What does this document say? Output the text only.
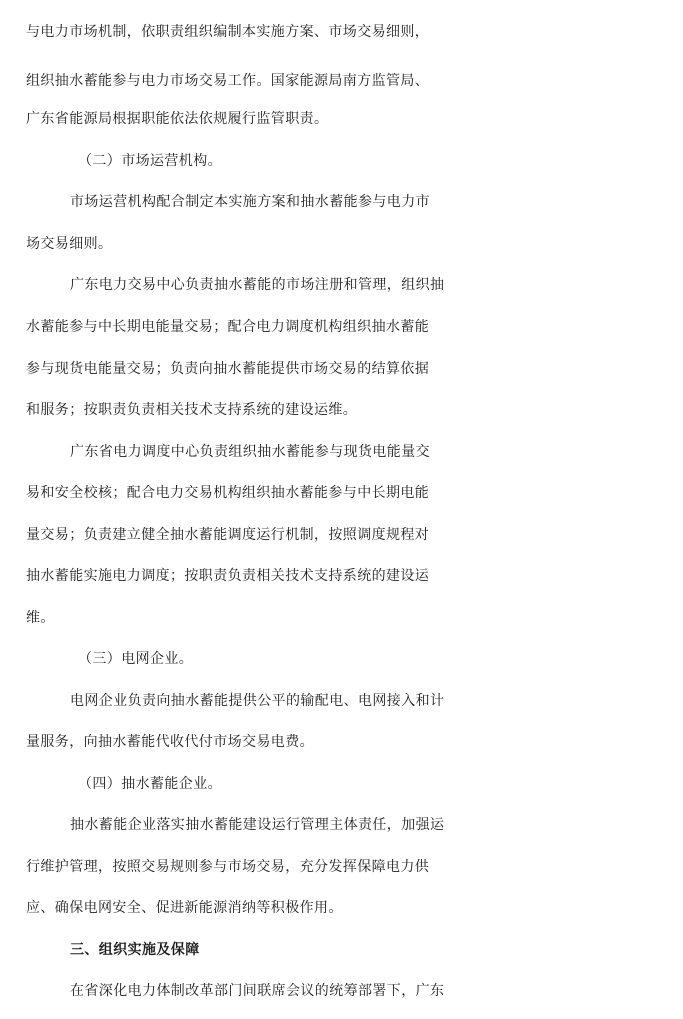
与电力市场机制，依职责组织编制本实施方案、市场交易细则，
组织抽水蓄能参与电力市场交易工作。国家能源局南方监管局、
广东省能源局根据职能依法依规履行监管职责。
（二）市场运营机构。
市场运营机构配合制定本实施方案和抽水蓄能参与电力市
场交易细则。
广东电力交易中心负责抽水蓄能的市场注册和管理，组织抽
水蓄能参与中长期电能量交易；配合电力调度机构组织抽水蓄能
参与现货电能量交易；负责向抽水蓄能提供市场交易的结算依据
和服务；按职责负责相关技术支持系统的建设运维。
广东省电力调度中心负责组织抽水蓄能参与现货电能量交
易和安全校核；配合电力交易机构组织抽水蓄能参与中长期电能
量交易；负责建立健全抽水蓄能调度运行机制，按照调度规程对
抽水蓄能实施电力调度；按职责负责相关技术支持系统的建设运
维。
（三）电网企业。
电网企业负责向抽水蓄能提供公平的输配电、电网接入和计
量服务，向抽水蓄能代收代付市场交易电费。
（四）抽水蓄能企业。
抽水蓄能企业落实抽水蓄能建设运行管理主体责任，加强运
行维护管理，按照交易规则参与市场交易，充分发挥保障电力供
应、确保电网安全、促进新能源消纳等积极作用。
三、组织实施及保障
在省深化电力体制改革部门间联席会议的统筹部署下，广东
